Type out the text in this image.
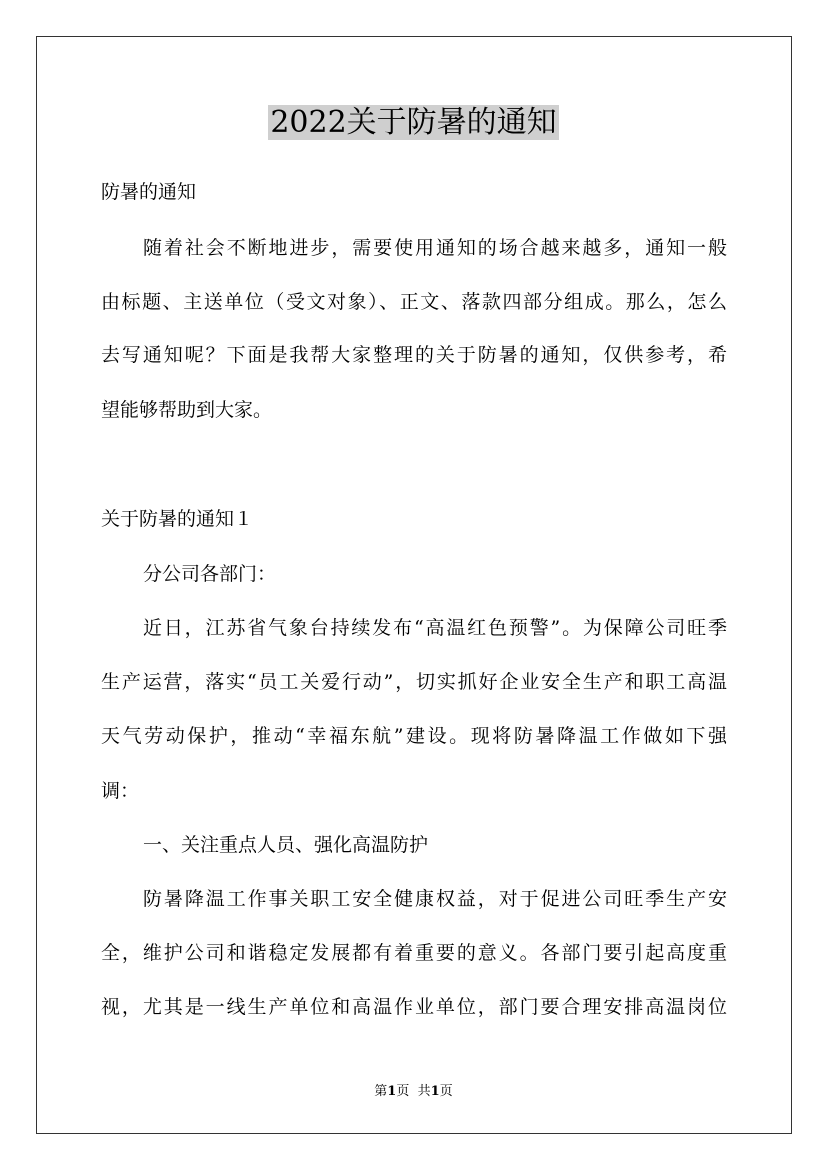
2022关于防暑的通知

防暑的通知

随着社会不断地进步，需要使用通知的场合越来越多，通知一般

由标题、主送单位（受文对象）、正文、落款四部分组成。那么，怎么

去写通知呢？下面是我帮大家整理的关于防暑的通知，仅供参考，希

望能够帮助到大家。

关于防暑的通知１

分公司各部门：

近日，江苏省气象台持续发布“高温红色预警”。为保障公司旺季

生产运营，落实“员工关爱行动”，切实抓好企业安全生产和职工高温

天气劳动保护，推动“幸福东航”建设。现将防暑降温工作做如下强

调：

一、关注重点人员、强化高温防护

防暑降温工作事关职工安全健康权益，对于促进公司旺季生产安

全，维护公司和谐稳定发展都有着重要的意义。各部门要引起高度重

视，尤其是一线生产单位和高温作业单位，部门要合理安排高温岗位

第1页 共1页
